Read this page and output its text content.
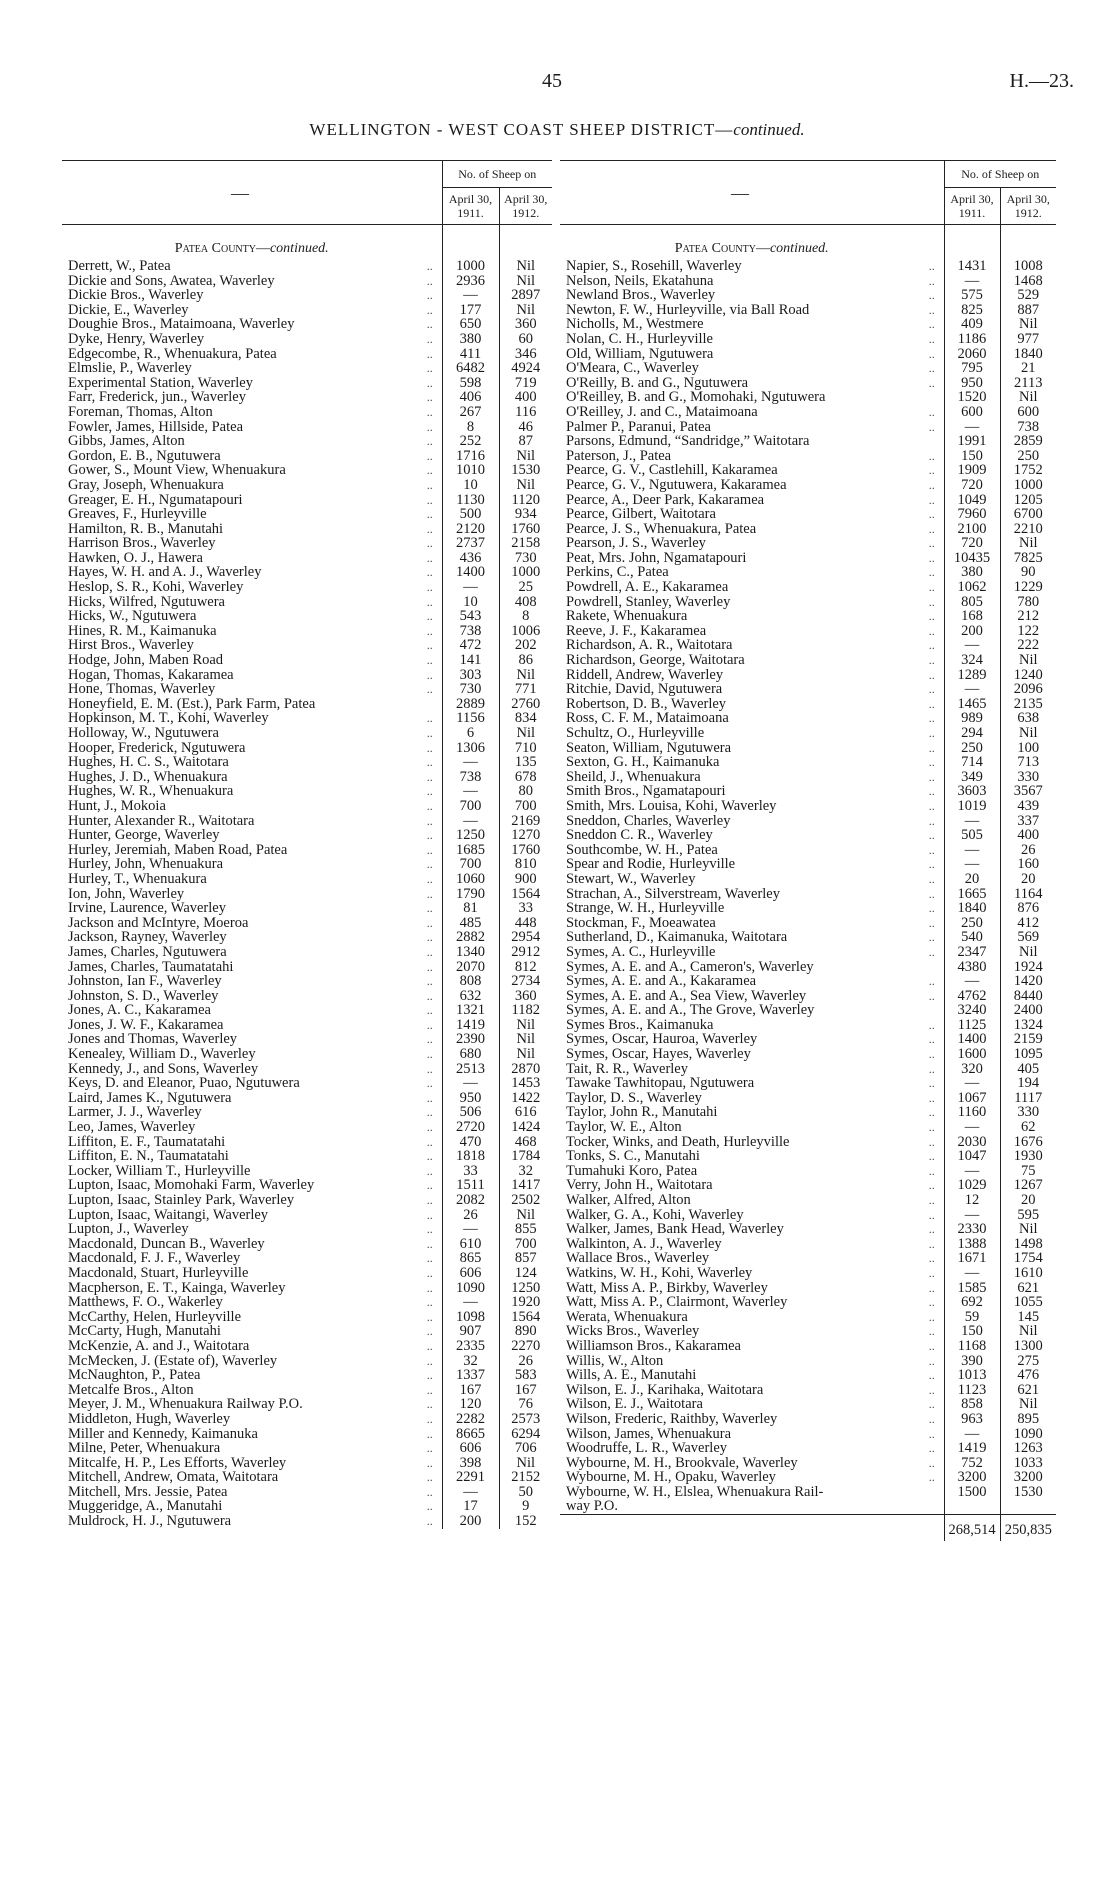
45	H.—23.
WELLINGTON - WEST COAST SHEEP DISTRICT—continued.
—		No. of Sheep on	
		April 30, 1911.	April 30, 1912.
Patea County—continued.			
Derrett, W., Patea	..	1000	Nil
Dickie and Sons, Awatea, Waverley	..	2936	Nil
Dickie Bros., Waverley	..	—	2897
Dickie, E., Waverley	..	177	Nil
Doughie Bros., Mataimoana, Waverley	..	650	360
Dyke, Henry, Waverley	..	380	60
Edgecombe, R., Whenuakura, Patea	..	411	346
Elmslie, P., Waverley	..	6482	4924
Experimental Station, Waverley	..	598	719
Farr, Frederick, jun., Waverley	..	406	400
Foreman, Thomas, Alton	..	267	116
Fowler, James, Hillside, Patea	..	8	46
Gibbs, James, Alton	..	252	87
Gordon, E. B., Ngutuwera	..	1716	Nil
Gower, S., Mount View, Whenuakura	..	1010	1530
Gray, Joseph, Whenuakura	..	10	Nil
Greager, E. H., Ngumatapouri	..	1130	1120
Greaves, F., Hurleyville	..	500	934
Hamilton, R. B., Manutahi	..	2120	1760
Harrison Bros., Waverley	..	2737	2158
Hawken, O. J., Hawera	..	436	730
Hayes, W. H. and A. J., Waverley	..	1400	1000
Heslop, S. R., Kohi, Waverley	..	—	25
Hicks, Wilfred, Ngutuwera	..	10	408
Hicks, W., Ngutuwera	..	543	8
Hines, R. M., Kaimanuka	..	738	1006
Hirst Bros., Waverley	..	472	202
Hodge, John, Maben Road	..	141	86
Hogan, Thomas, Kakaramea	..	303	Nil
Hone, Thomas, Waverley	..	730	771
Honeyfield, E. M. (Est.), Park Farm, Patea		2889	2760
Hopkinson, M. T., Kohi, Waverley	..	1156	834
Holloway, W., Ngutuwera	..	6	Nil
Hooper, Frederick, Ngutuwera	..	1306	710
Hughes, H. C. S., Waitotara	..	—	135
Hughes, J. D., Whenuakura	..	738	678
Hughes, W. R., Whenuakura	..	—	80
Hunt, J., Mokoia	..	700	700
Hunter, Alexander R., Waitotara	..	—	2169
Hunter, George, Waverley	..	1250	1270
Hurley, Jeremiah, Maben Road, Patea	..	1685	1760
Hurley, John, Whenuakura	..	700	810
Hurley, T., Whenuakura	..	1060	900
Ion, John, Waverley	..	1790	1564
Irvine, Laurence, Waverley	..	81	33
Jackson and McIntyre, Moeroa	..	485	448
Jackson, Rayney, Waverley	..	2882	2954
James, Charles, Ngutuwera	..	1340	2912
James, Charles, Taumatatahi	..	2070	812
Johnston, Ian F., Waverley	..	808	2734
Johnston, S. D., Waverley	..	632	360
Jones, A. C., Kakaramea	..	1321	1182
Jones, J. W. F., Kakaramea	..	1419	Nil
Jones and Thomas, Waverley	..	2390	Nil
Kenealey, William D., Waverley	..	680	Nil
Kennedy, J., and Sons, Waverley	..	2513	2870
Keys, D. and Eleanor, Puao, Ngutuwera	..	—	1453
Laird, James K., Ngutuwera	..	950	1422
Larmer, J. J., Waverley	..	506	616
Leo, James, Waverley	..	2720	1424
Liffiton, E. F., Taumatatahi	..	470	468
Liffiton, E. N., Taumatatahi	..	1818	1784
Locker, William T., Hurleyville	..	33	32
Lupton, Isaac, Momohaki Farm, Waverley	..	1511	1417
Lupton, Isaac, Stainley Park, Waverley	..	2082	2502
Lupton, Isaac, Waitangi, Waverley	..	26	Nil
Lupton, J., Waverley	..	—	855
Macdonald, Duncan B., Waverley	..	610	700
Macdonald, F. J. F., Waverley	..	865	857
Macdonald, Stuart, Hurleyville	..	606	124
Macpherson, E. T., Kainga, Waverley	..	1090	1250
Matthews, F. O., Wakerley	..	—	1920
McCarthy, Helen, Hurleyville	..	1098	1564
McCarty, Hugh, Manutahi	..	907	890
McKenzie, A. and J., Waitotara	..	2335	2270
McMecken, J. (Estate of), Waverley	..	32	26
McNaughton, P., Patea	..	1337	583
Metcalfe Bros., Alton	..	167	167
Meyer, J. M., Whenuakura Railway P.O.	..	120	76
Middleton, Hugh, Waverley	..	2282	2573
Miller and Kennedy, Kaimanuka	..	8665	6294
Milne, Peter, Whenuakura	..	606	706
Mitcalfe, H. P., Les Efforts, Waverley	..	398	Nil
Mitchell, Andrew, Omata, Waitotara	..	2291	2152
Mitchell, Mrs. Jessie, Patea	..	—	50
Muggeridge, A., Manutahi	..	17	9
Muldrock, H. J., Ngutuwera	..	200	152
—		No. of Sheep on	
		April 30, 1911.	April 30, 1912.
Patea County—continued.			
Napier, S., Rosehill, Waverley	..	1431	1008
Nelson, Neils, Ekatahuna	..	—	1468
Newland Bros., Waverley	..	575	529
Newton, F. W., Hurleyville, via Ball Road	..	825	887
Nicholls, M., Westmere	..	409	Nil
Nolan, C. H., Hurleyville	..	1186	977
Old, William, Ngutuwera	..	2060	1840
O'Meara, C., Waverley	..	795	21
O'Reilly, B. and G., Ngutuwera	..	950	2113
O'Reilley, B. and G., Momohaki, Ngutuwera		1520	Nil
O'Reilley, J. and C., Mataimoana	..	600	600
Palmer P., Paranui, Patea	..	—	738
Parsons, Edmund, “Sandridge,” Waitotara		1991	2859
Paterson, J., Patea	..	150	250
Pearce, G. V., Castlehill, Kakaramea	..	1909	1752
Pearce, G. V., Ngutuwera, Kakaramea	..	720	1000
Pearce, A., Deer Park, Kakaramea	..	1049	1205
Pearce, Gilbert, Waitotara	..	7960	6700
Pearce, J. S., Whenuakura, Patea	..	2100	2210
Pearson, J. S., Waverley	..	720	Nil
Peat, Mrs. John, Ngamatapouri	..	10435	7825
Perkins, C., Patea	..	380	90
Powdrell, A. E., Kakaramea	..	1062	1229
Powdrell, Stanley, Waverley	..	805	780
Rakete, Whenuakura	..	168	212
Reeve, J. F., Kakaramea	..	200	122
Richardson, A. R., Waitotara	..	—	222
Richardson, George, Waitotara	..	324	Nil
Riddell, Andrew, Waverley	..	1289	1240
Ritchie, David, Ngutuwera	..	—	2096
Robertson, D. B., Waverley	..	1465	2135
Ross, C. F. M., Mataimoana	..	989	638
Schultz, O., Hurleyville	..	294	Nil
Seaton, William, Ngutuwera	..	250	100
Sexton, G. H., Kaimanuka	..	714	713
Sheild, J., Whenuakura	..	349	330
Smith Bros., Ngamatapouri	..	3603	3567
Smith, Mrs. Louisa, Kohi, Waverley	..	1019	439
Sneddon, Charles, Waverley	..	—	337
Sneddon C. R., Waverley	..	505	400
Southcombe, W. H., Patea	..	—	26
Spear and Rodie, Hurleyville	..	—	160
Stewart, W., Waverley	..	20	20
Strachan, A., Silverstream, Waverley	..	1665	1164
Strange, W. H., Hurleyville	..	1840	876
Stockman, F., Moeawatea	..	250	412
Sutherland, D., Kaimanuka, Waitotara	..	540	569
Symes, A. C., Hurleyville	..	2347	Nil
Symes, A. E. and A., Cameron's, Waverley		4380	1924
Symes, A. E. and A., Kakaramea	..	—	1420
Symes, A. E. and A., Sea View, Waverley	..	4762	8440
Symes, A. E. and A., The Grove, Waverley		3240	2400
Symes Bros., Kaimanuka	..	1125	1324
Symes, Oscar, Hauroa, Waverley	..	1400	2159
Symes, Oscar, Hayes, Waverley	..	1600	1095
Tait, R. R., Waverley	..	320	405
Tawake Tawhitopau, Ngutuwera	..	—	194
Taylor, D. S., Waverley	..	1067	1117
Taylor, John R., Manutahi	..	1160	330
Taylor, W. E., Alton	..	—	62
Tocker, Winks, and Death, Hurleyville	..	2030	1676
Tonks, S. C., Manutahi	..	1047	1930
Tumahuki Koro, Patea	..	—	75
Verry, John H., Waitotara	..	1029	1267
Walker, Alfred, Alton	..	12	20
Walker, G. A., Kohi, Waverley	..	—	595
Walker, James, Bank Head, Waverley	..	2330	Nil
Walkinton, A. J., Waverley	..	1388	1498
Wallace Bros., Waverley	..	1671	1754
Watkins, W. H., Kohi, Waverley	..	—	1610
Watt, Miss A. P., Birkby, Waverley	..	1585	621
Watt, Miss A. P., Clairmont, Waverley	..	692	1055
Werata, Whenuakura	..	59	145
Wicks Bros., Waverley	..	150	Nil
Williamson Bros., Kakaramea	..	1168	1300
Willis, W., Alton	..	390	275
Wills, A. E., Manutahi	..	1013	476
Wilson, E. J., Karihaka, Waitotara	..	1123	621
Wilson, E. J., Waitotara	..	858	Nil
Wilson, Frederic, Raithby, Waverley	..	963	895
Wilson, James, Whenuakura	..	—	1090
Woodruffe, L. R., Waverley	..	1419	1263
Wybourne, M. H., Brookvale, Waverley	..	752	1033
Wybourne, M. H., Opaku, Waverley	..	3200	3200
Wybourne, W. H., Elslea, Whenuakura Rail-		1500	1530
way P.O.			
		268,514	250,835
